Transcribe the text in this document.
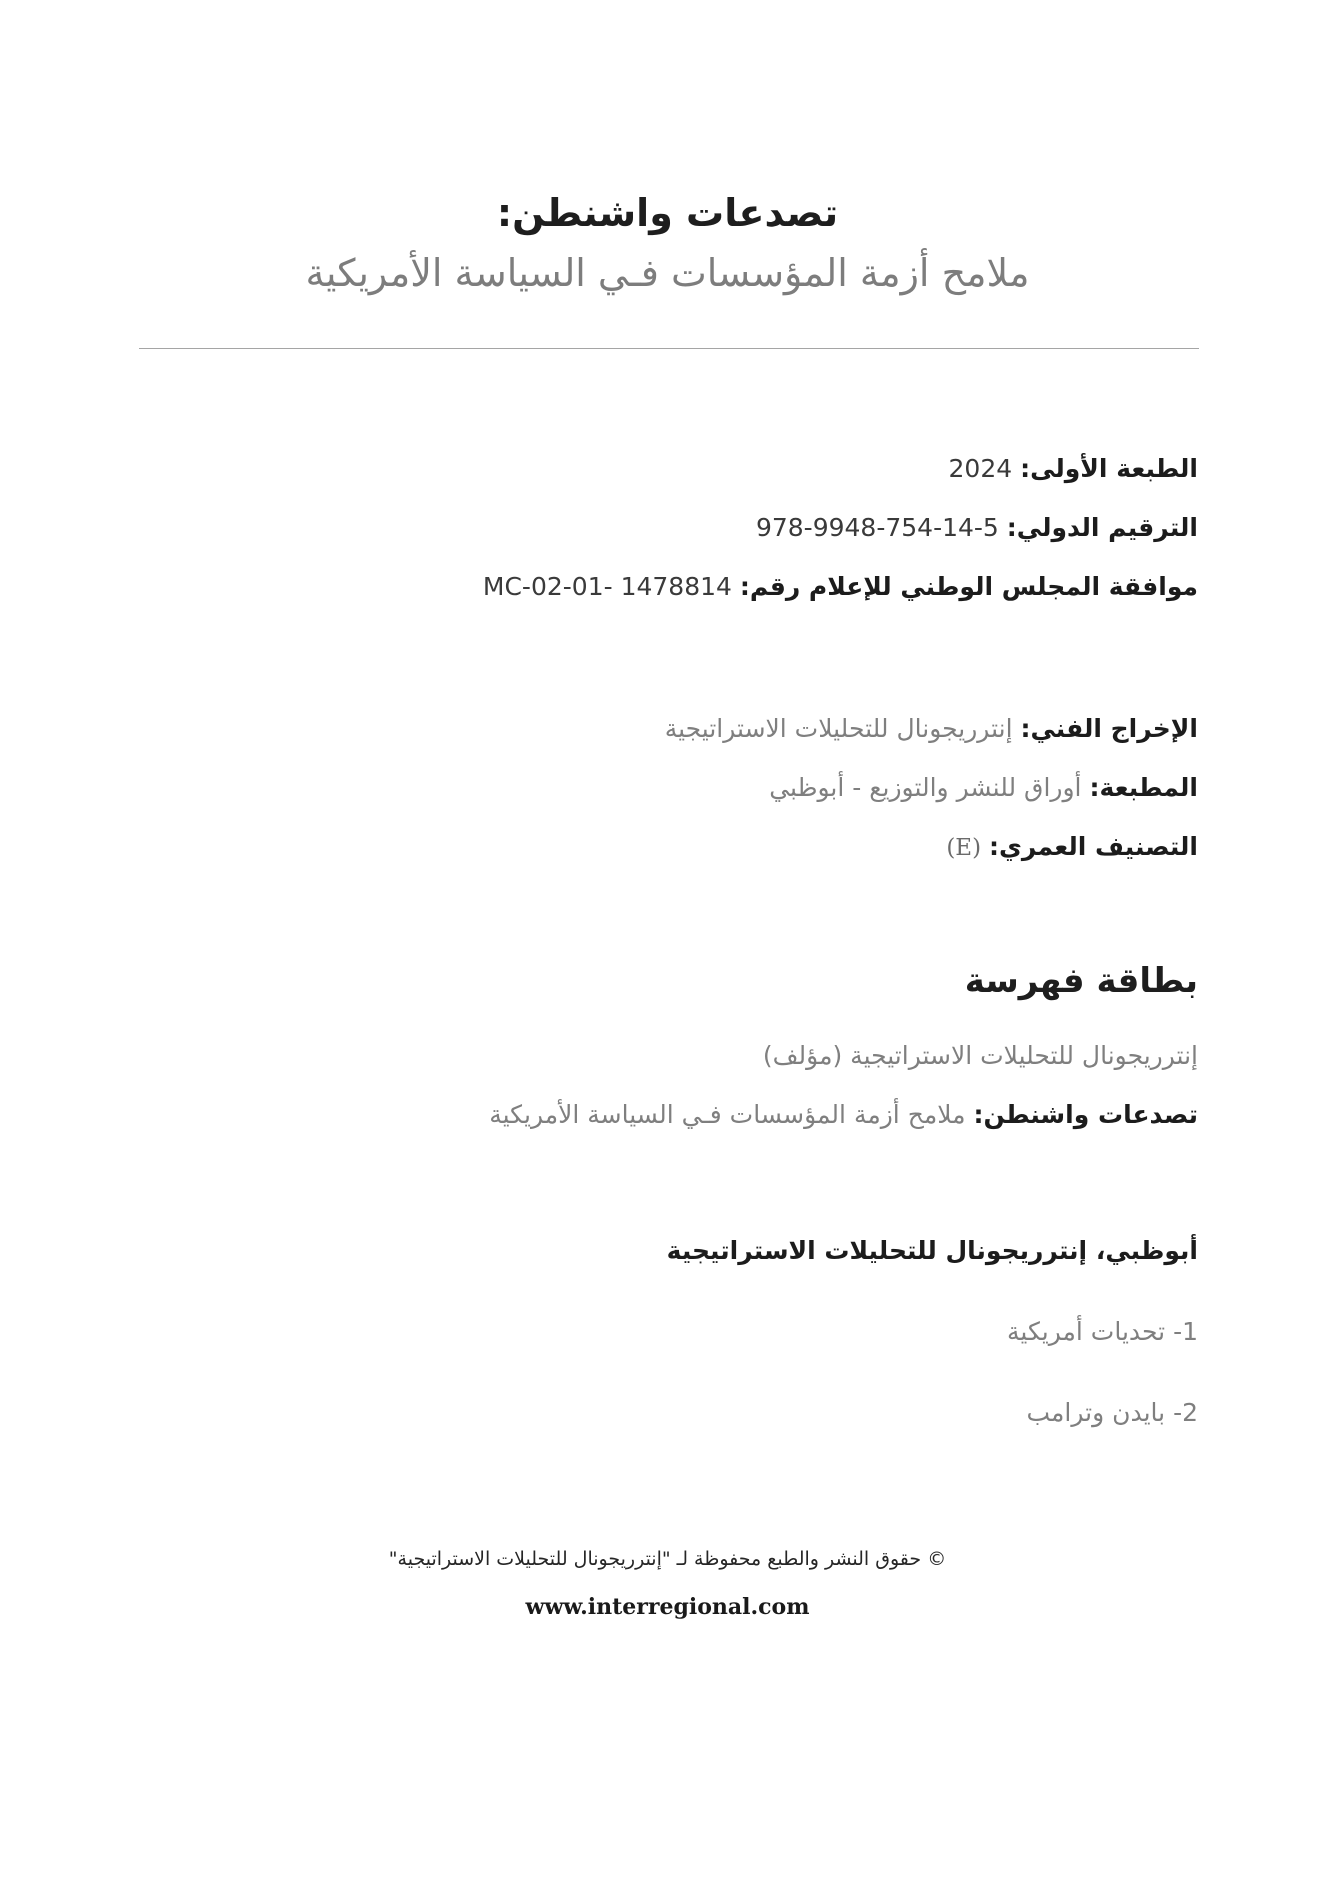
تصدعات واشنطن:
ملامح أزمة المؤسسات فـي السياسة الأمريكية
الطبعة الأولى: 2024
الترقيم الدولي: 978-9948-754-14-5
موافقة المجلس الوطني للإعلام رقم: MC-02-01- 1478814
الإخراج الفني: إنترريجونال للتحليلات الاستراتيجية
المطبعة: أوراق للنشر والتوزيع - أبوظبي
التصنيف العمري: (E)
بطاقة فهرسة
إنترريجونال للتحليلات الاستراتيجية (مؤلف)
تصدعات واشنطن: ملامح أزمة المؤسسات فـي السياسة الأمريكية
أبوظبي، إنترريجونال للتحليلات الاستراتيجية
1- تحديات أمريكية
2- بايدن وترامب
© حقوق النشر والطبع محفوظة لـ "إنترريجونال للتحليلات الاستراتيجية"
www.interregional.com
